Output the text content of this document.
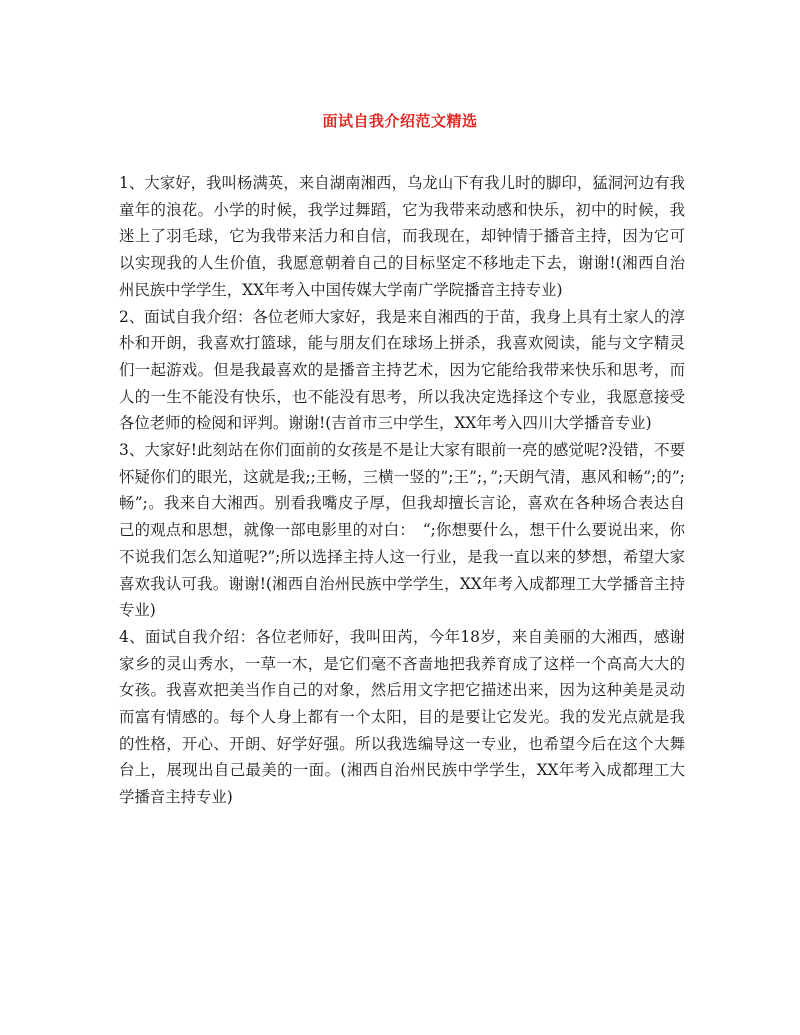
面试自我介绍范文精选

1、大家好，我叫杨满英，来自湖南湘西，乌龙山下有我儿时的脚印，猛洞河边有我童年的浪花。小学的时候，我学过舞蹈，它为我带来动感和快乐，初中的时候，我迷上了羽毛球，它为我带来活力和自信，而我现在，却钟情于播音主持，因为它可以实现我的人生价值，我愿意朝着自己的目标坚定不移地走下去，谢谢!(湘西自治州民族中学学生，XX年考入中国传媒大学南广学院播音主持专业)

2、面试自我介绍：各位老师大家好，我是来自湘西的于苗，我身上具有土家人的淳朴和开朗，我喜欢打篮球，能与朋友们在球场上拼杀，我喜欢阅读，能与文字精灵们一起游戏。但是我最喜欢的是播音主持艺术，因为它能给我带来快乐和思考，而人的一生不能没有快乐，也不能没有思考，所以我决定选择这个专业，我愿意接受各位老师的检阅和评判。谢谢!(吉首市三中学生，XX年考入四川大学播音专业)

3、大家好!此刻站在你们面前的女孩是不是让大家有眼前一亮的感觉呢?没错，不要怀疑你们的眼光，这就是我;;王畅，三横一竖的”;王”;，”;天朗气清，惠风和畅”;的”;畅”;。我来自大湘西。别看我嘴皮子厚，但我却擅长言论，喜欢在各种场合表达自己的观点和思想，就像一部电影里的对白：　“;你想要什么，想干什么要说出来，你不说我们怎么知道呢?”;所以选择主持人这一行业，是我一直以来的梦想，希望大家喜欢我认可我。谢谢!(湘西自治州民族中学学生，XX年考入成都理工大学播音主持专业)

4、面试自我介绍：各位老师好，我叫田芮，今年18岁，来自美丽的大湘西，感谢家乡的灵山秀水，一草一木，是它们毫不吝啬地把我养育成了这样一个高高大大的女孩。我喜欢把美当作自己的对象，然后用文字把它描述出来，因为这种美是灵动而富有情感的。每个人身上都有一个太阳，目的是要让它发光。我的发光点就是我的性格，开心、开朗、好学好强。所以我选编导这一专业，也希望今后在这个大舞台上，展现出自己最美的一面。(湘西自治州民族中学学生，XX年考入成都理工大学播音主持专业)
